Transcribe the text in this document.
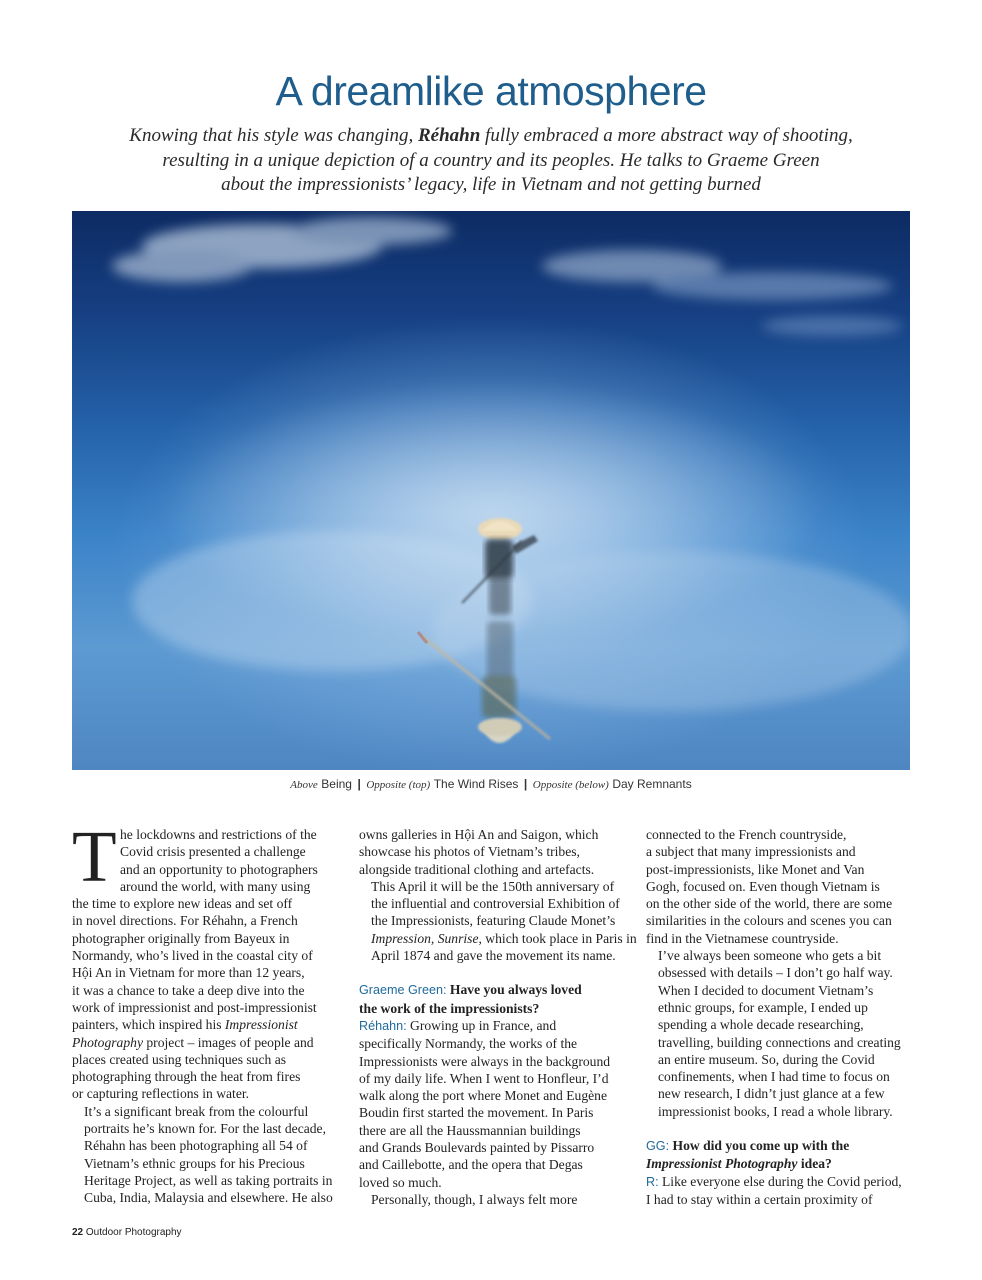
A dreamlike atmosphere
Knowing that his style was changing, Réhahn fully embraced a more abstract way of shooting,
resulting in a unique depiction of a country and its peoples. He talks to Graeme Green
about the impressionists’ legacy, life in Vietnam and not getting burned
Above Being | Opposite (top) The Wind Rises | Opposite (below) Day Remnants

T he lockdowns and restrictions of the
Covid crisis presented a challenge
and an opportunity to photographers
around the world, with many using
the time to explore new ideas and set off
in novel directions. For Réhahn, a French
photographer originally from Bayeux in
Normandy, who’s lived in the coastal city of
Hội An in Vietnam for more than 12 years,
it was a chance to take a deep dive into the
work of impressionist and post-impressionist
painters, which inspired his Impressionist
Photography project – images of people and
places created using techniques such as
photographing through the heat from fires
or capturing reflections in water.

It’s a significant break from the colourful
portraits he’s known for. For the last decade,
Réhahn has been photographing all 54 of
Vietnam’s ethnic groups for his Precious
Heritage Project, as well as taking portraits in
Cuba, India, Malaysia and elsewhere. He also

owns galleries in Hội An and Saigon, which
showcase his photos of Vietnam’s tribes,
alongside traditional clothing and artefacts.

This April it will be the 150th anniversary of
the influential and controversial Exhibition of
the Impressionists, featuring Claude Monet’s
Impression, Sunrise, which took place in Paris in
April 1874 and gave the movement its name.

Graeme Green: Have you always loved
the work of the impressionists?

Réhahn: Growing up in France, and
specifically Normandy, the works of the
Impressionists were always in the background
of my daily life. When I went to Honfleur, I’d
walk along the port where Monet and Eugène
Boudin first started the movement. In Paris
there are all the Haussmannian buildings
and Grands Boulevards painted by Pissarro
and Caillebotte, and the opera that Degas
loved so much.

Personally, though, I always felt more

connected to the French countryside,
a subject that many impressionists and
post-impressionists, like Monet and Van
Gogh, focused on. Even though Vietnam is
on the other side of the world, there are some
similarities in the colours and scenes you can
find in the Vietnamese countryside.

I’ve always been someone who gets a bit
obsessed with details – I don’t go half way.
When I decided to document Vietnam’s
ethnic groups, for example, I ended up
spending a whole decade researching,
travelling, building connections and creating
an entire museum. So, during the Covid
confinements, when I had time to focus on
new research, I didn’t just glance at a few
impressionist books, I read a whole library.

GG: How did you come up with the
Impressionist Photography idea?

R: Like everyone else during the Covid period,
I had to stay within a certain proximity of

22 Outdoor Photography
